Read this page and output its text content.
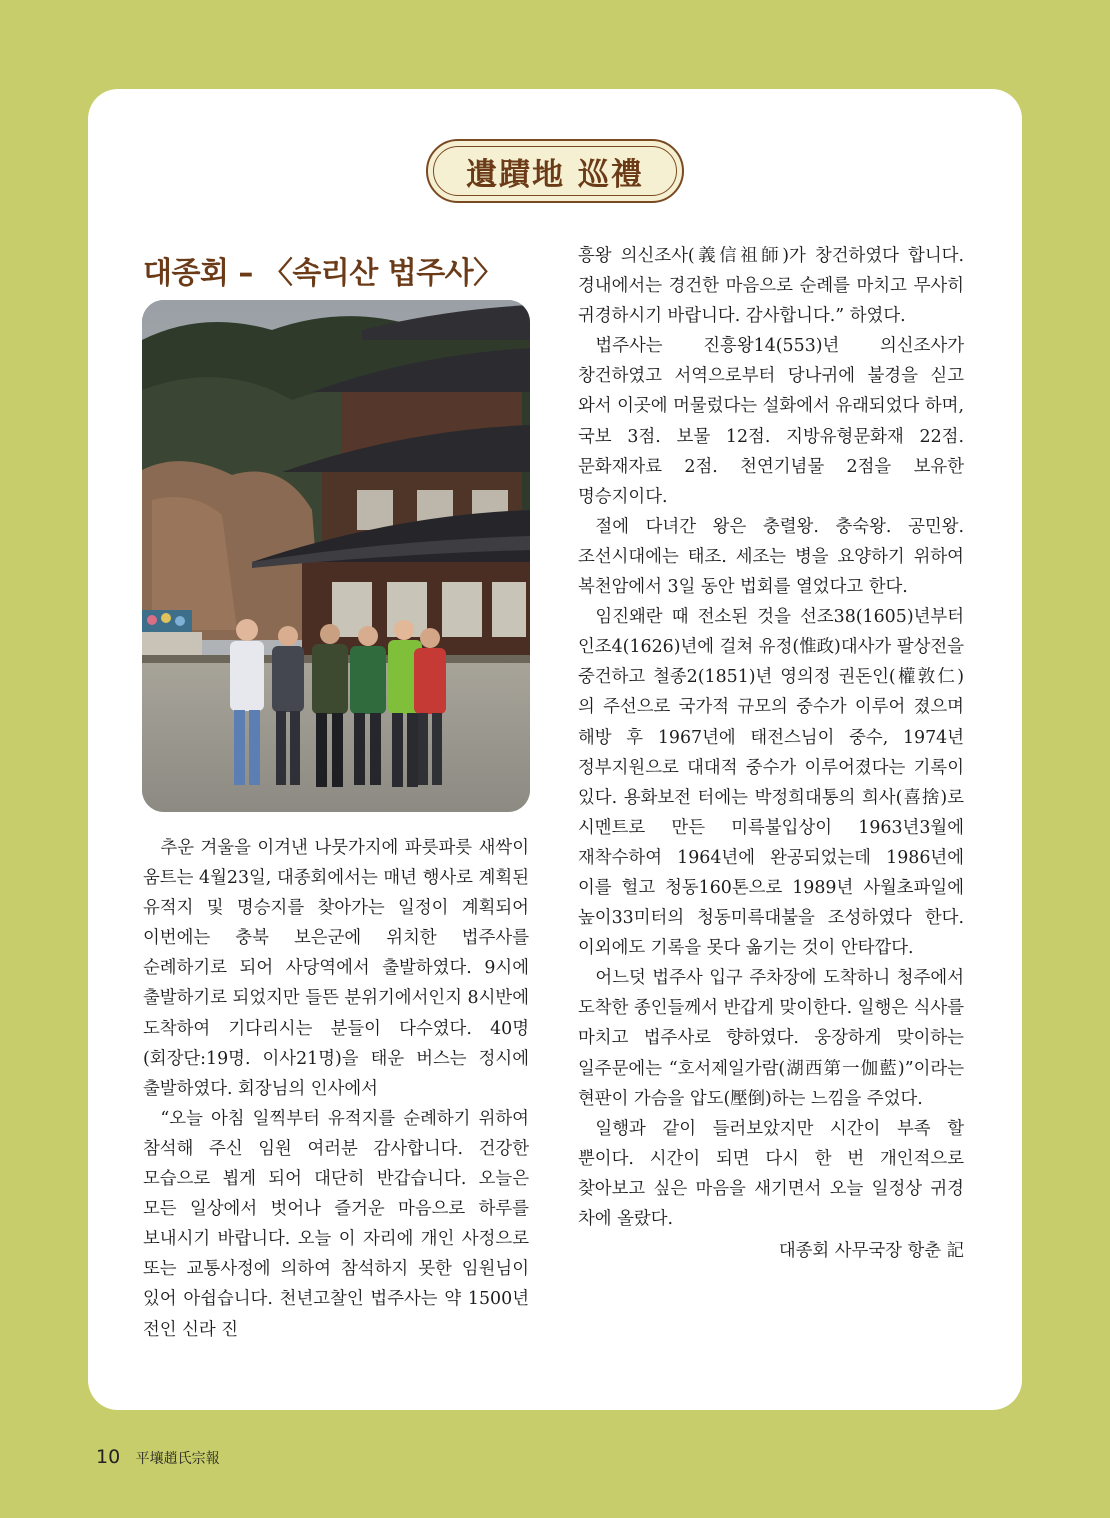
遺蹟地 巡禮
대종회 – 〈속리산 법주사〉

추운 겨울을 이겨낸 나뭇가지에 파릇파릇 새싹이 움트는 4월23일, 대종회에서는 매년 행사로 계획된 유적지 및 명승지를 찾아가는 일정이 계획되어 이번에는 충북 보은군에 위치한 법주사를 순례하기로 되어 사당역에서 출발하였다. 9시에 출발하기로 되었지만 들뜬 분위기에서인지 8시반에 도착하여 기다리시는 분들이 다수였다. 40명(회장단:19명. 이사21명)을 태운 버스는 정시에 출발하였다. 회장님의 인사에서

“오늘 아침 일찍부터 유적지를 순례하기 위하여 참석해 주신 임원 여러분 감사합니다. 건강한 모습으로 뵙게 되어 대단히 반갑습니다. 오늘은 모든 일상에서 벗어나 즐거운 마음으로 하루를 보내시기 바랍니다. 오늘 이 자리에 개인 사정으로 또는 교통사정에 의하여 참석하지 못한 임원님이 있어 아쉽습니다. 천년고찰인 법주사는 약 1500년 전인 신라 진

흥왕 의신조사(義信祖師)가 창건하였다 합니다. 경내에서는 경건한 마음으로 순례를 마치고 무사히 귀경하시기 바랍니다. 감사합니다.” 하였다.

법주사는 진흥왕14(553)년 의신조사가 창건하였고 서역으로부터 당나귀에 불경을 싣고 와서 이곳에 머물렀다는 설화에서 유래되었다 하며, 국보 3점. 보물 12점. 지방유형문화재 22점. 문화재자료 2점. 천연기념물 2점을 보유한 명승지이다.

절에 다녀간 왕은 충렬왕. 충숙왕. 공민왕. 조선시대에는 태조. 세조는 병을 요양하기 위하여 복천암에서 3일 동안 법회를 열었다고 한다.

임진왜란 때 전소된 것을 선조38(1605)년부터 인조4(1626)년에 걸쳐 유정(惟政)대사가 팔상전을 중건하고 철종2(1851)년 영의정 권돈인(權敦仁)의 주선으로 국가적 규모의 중수가 이루어 졌으며 해방 후 1967년에 태전스님이 중수, 1974년 정부지원으로 대대적 중수가 이루어졌다는 기록이 있다. 용화보전 터에는 박정희대통의 희사(喜捨)로 시멘트로 만든 미륵불입상이 1963년3월에 재착수하여 1964년에 완공되었는데 1986년에 이를 헐고 청동160톤으로 1989년 사월초파일에 높이33미터의 청동미륵대불을 조성하였다 한다. 이외에도 기록을 못다 옮기는 것이 안타깝다.

어느덧 법주사 입구 주차장에 도착하니 청주에서 도착한 종인들께서 반갑게 맞이한다. 일행은 식사를 마치고 법주사로 향하였다. 웅장하게 맞이하는 일주문에는 “호서제일가람(湖西第一伽藍)”이라는 현판이 가슴을 압도(壓倒)하는 느낌을 주었다.

일행과 같이 들러보았지만 시간이 부족 할 뿐이다. 시간이 되면 다시 한 번 개인적으로 찾아보고 싶은 마음을 새기면서 오늘 일정상 귀경 차에 올랐다.

대종회 사무국장 항춘 記
10 平壤趙氏宗報
